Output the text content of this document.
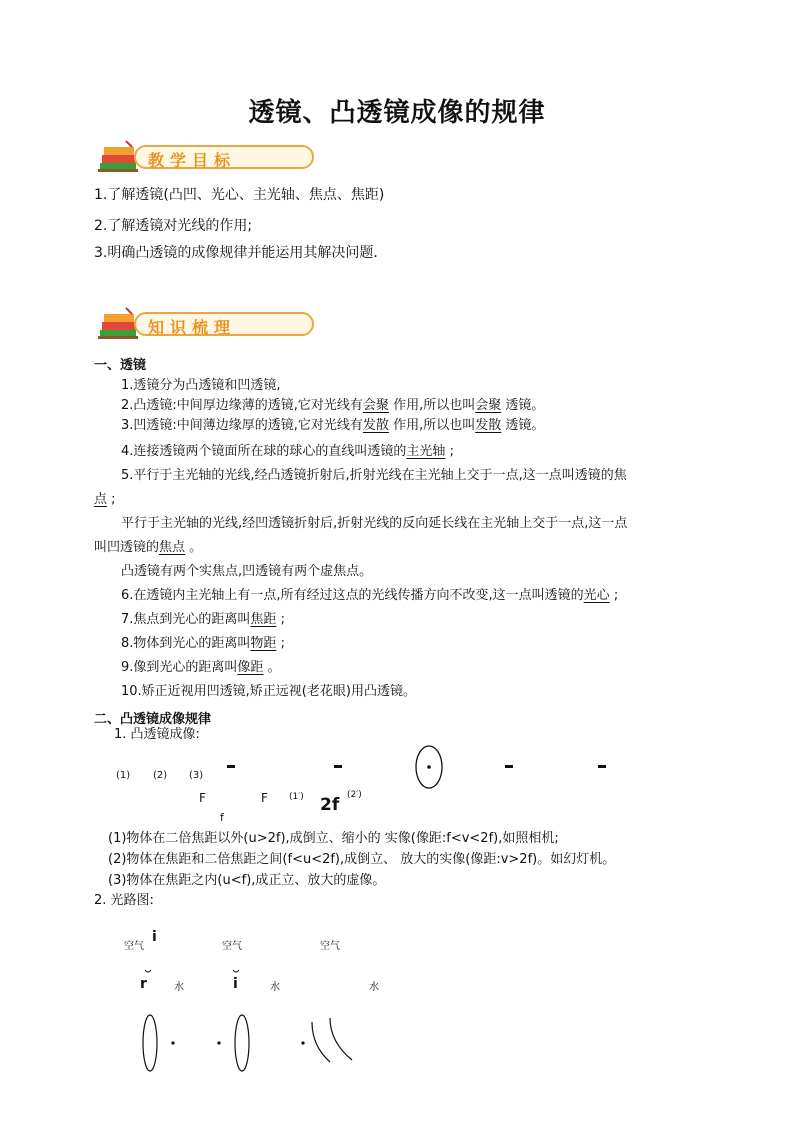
透镜、凸透镜成像的规律
教学目标
1.了解透镜(凸凹、光心、主光轴、焦点、焦距)
2.了解透镜对光线的作用;
3.明确凸透镜的成像规律并能运用其解决问题.
知识梳理
一、透镜
1.透镜分为凸透镜和凹透镜,
2.凸透镜:中间厚边缘薄的透镜,它对光线有会聚 作用,所以也叫会聚 透镜。
3.凹透镜:中间薄边缘厚的透镜,它对光线有发散 作用,所以也叫发散 透镜。
4.连接透镜两个镜面所在球的球心的直线叫透镜的主光轴 ;
5.平行于主光轴的光线,经凸透镜折射后,折射光线在主光轴上交于一点,这一点叫透镜的焦
点 ;
平行于主光轴的光线,经凹透镜折射后,折射光线的反向延长线在主光轴上交于一点,这一点
叫凹透镜的焦点 。
凸透镜有两个实焦点,凹透镜有两个虚焦点。
6.在透镜内主光轴上有一点,所有经过这点的光线传播方向不改变,这一点叫透镜的光心 ;
7.焦点到光心的距离叫焦距 ;
8.物体到光心的距离叫物距 ;
9.像到光心的距离叫像距 。
10.矫正近视用凹透镜,矫正远视(老花眼)用凸透镜。
二、凸透镜成像规律
1. 凸透镜成像:
(1) (2) (3)
F	F
f
(1′) 2f (2′)
(1)物体在二倍焦距以外(u>2f),成倒立、缩小的 实像(像距:f<v<2f),如照相机;
(2)物体在焦距和二倍焦距之间(f<u<2f),成倒立、 放大的实像(像距:v>2f)。如幻灯机。
(3)物体在焦距之内(u<f),成正立、放大的虚像。
2. 光路图:
空气
i
空气	空气
r	水	i	水	水
